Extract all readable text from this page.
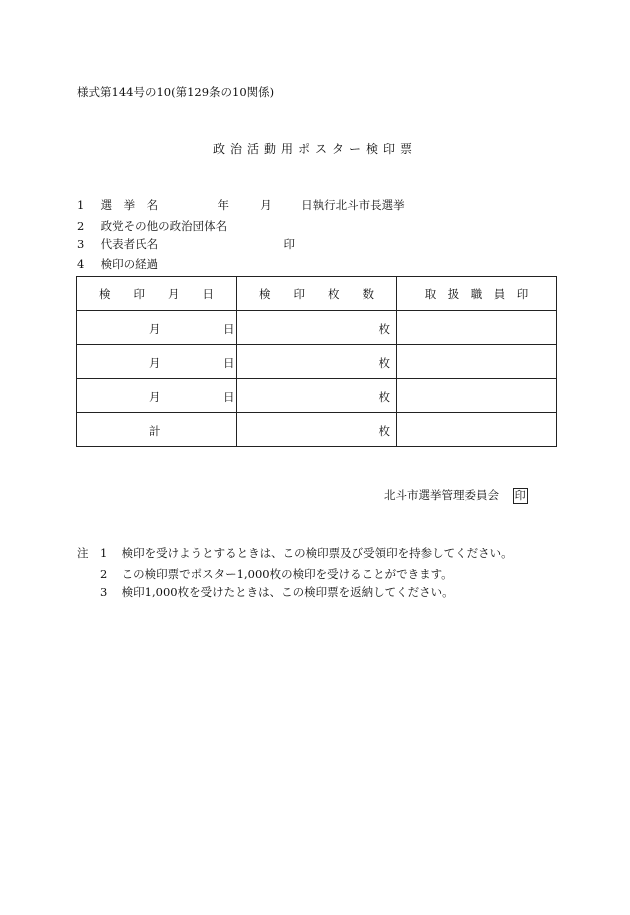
様式第144号の10(第129条の10関係)
政治活動用ポスター検印票
1 選　挙　名	年	月	日執行北斗市長選挙
2 政党その他の政治団体名
3 代表者氏名	印
4 検印の経過
検　　印　　月　　日	検　　印　　枚　　数	取　扱　職　員　印

月 日	枚	

月 日	枚	

月 日	枚	

計	枚	

北斗市選挙管理委員会 印
注 1 検印を受けようとするときは、この検印票及び受領印を持参してください。
2 この検印票でポスター1,000枚の検印を受けることができます。
3 検印1,000枚を受けたときは、この検印票を返納してください。
